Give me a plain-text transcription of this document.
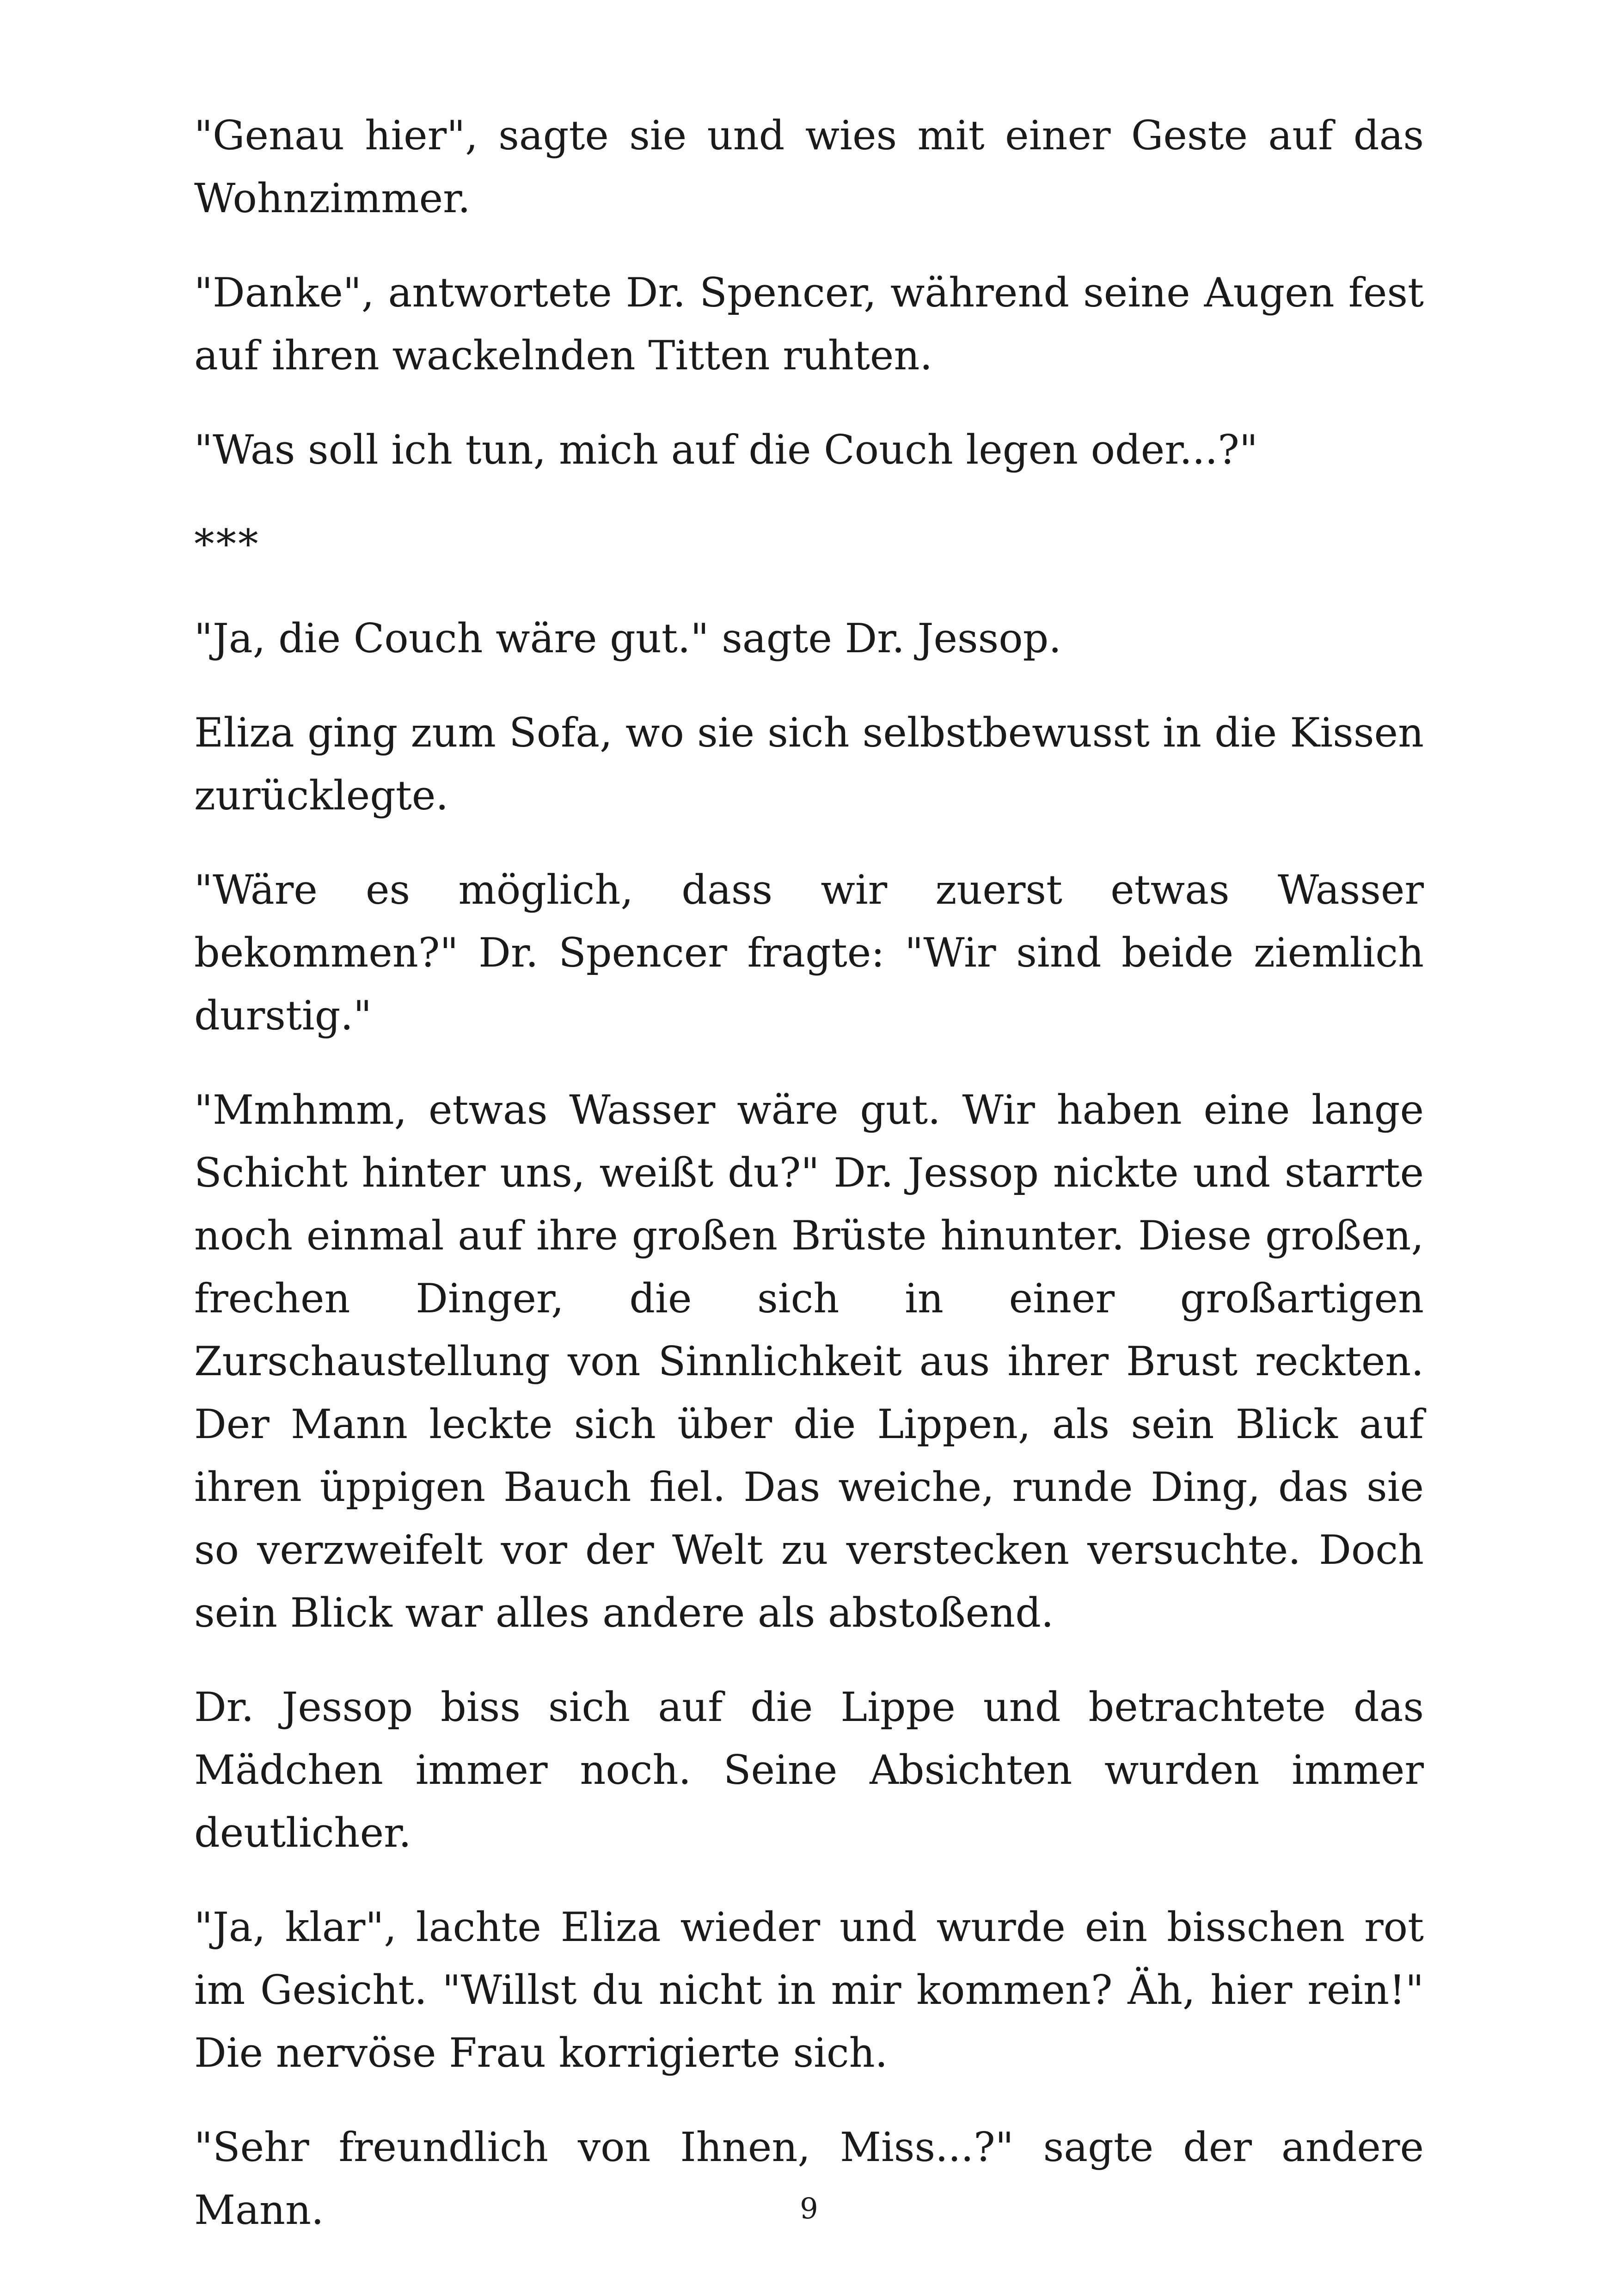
"Genau hier", sagte sie und wies mit einer Geste auf das Wohnzimmer.

"Danke", antwortete Dr. Spencer, während seine Augen fest auf ihren wackelnden Titten ruhten.

"Was soll ich tun, mich auf die Couch legen oder...?"

***

"Ja, die Couch wäre gut." sagte Dr. Jessop.

Eliza ging zum Sofa, wo sie sich selbstbewusst in die Kissen zurücklegte.

"Wäre es möglich, dass wir zuerst etwas Wasser bekommen?" Dr. Spencer fragte: "Wir sind beide ziemlich durstig."

"Mmhmm, etwas Wasser wäre gut. Wir haben eine lange Schicht hinter uns, weißt du?" Dr. Jessop nickte und starrte noch einmal auf ihre großen Brüste hinunter. Diese großen, frechen Dinger, die sich in einer großartigen Zurschaustellung von Sinnlichkeit aus ihrer Brust reckten. Der Mann leckte sich über die Lippen, als sein Blick auf ihren üppigen Bauch fiel. Das weiche, runde Ding, das sie so verzweifelt vor der Welt zu verstecken versuchte. Doch sein Blick war alles andere als abstoßend.

Dr. Jessop biss sich auf die Lippe und betrachtete das Mädchen immer noch. Seine Absichten wurden immer deutlicher.

"Ja, klar", lachte Eliza wieder und wurde ein bisschen rot im Gesicht. "Willst du nicht in mir kommen? Äh, hier rein!" Die nervöse Frau korrigierte sich.

"Sehr freundlich von Ihnen, Miss...?" sagte der andere Mann.	9
